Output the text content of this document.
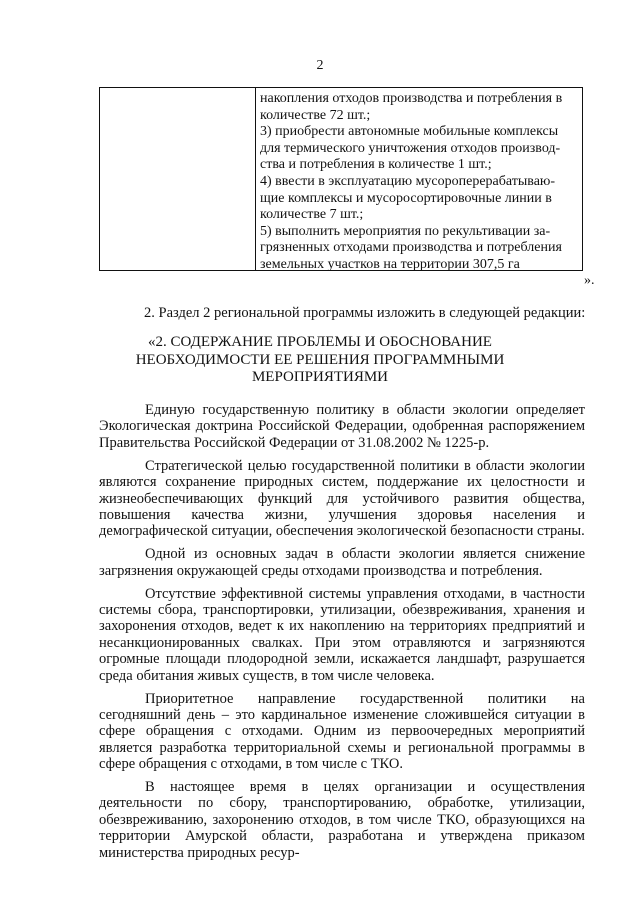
2
накопления отходов производства и потребления в
количестве 72 шт.;
3) приобрести автономные мобильные комплексы
для термического уничтожения отходов производ-
ства и потребления в количестве 1 шт.;
4) ввести в эксплуатацию мусороперерабатываю-
щие комплексы и мусоросортировочные линии в
количестве 7 шт.;
5) выполнить мероприятия по рекультивации за-
грязненных отходами производства и потребления
земельных участков на территории 307,5 га
».
2. Раздел 2 региональной программы изложить в следующей редакции:
«2. СОДЕРЖАНИЕ ПРОБЛЕМЫ И ОБОСНОВАНИЕ
НЕОБХОДИМОСТИ ЕЕ РЕШЕНИЯ ПРОГРАММНЫМИ
МЕРОПРИЯТИЯМИ

Единую государственную политику в области экологии определяет Экологическая доктрина Российской Федерации, одобренная распоряжением Правительства Российской Федерации от 31.08.2002 № 1225-р.

Стратегической целью государственной политики в области экологии являются сохранение природных систем, поддержание их целостности и жизнеобеспечивающих функций для устойчивого развития общества, повышения качества жизни, улучшения здоровья населения и демографической ситуации, обеспечения экологической безопасности страны.

Одной из основных задач в области экологии является снижение загрязнения окружающей среды отходами производства и потребления.

Отсутствие эффективной системы управления отходами, в частности системы сбора, транспортировки, утилизации, обезвреживания, хранения и захоронения отходов, ведет к их накоплению на территориях предприятий и несанкционированных свалках. При этом отравляются и загрязняются огромные площади плодородной земли, искажается ландшафт, разрушается среда обитания живых существ, в том числе человека.

Приоритетное направление государственной политики на сегодняшний день – это кардинальное изменение сложившейся ситуации в сфере обращения с отходами. Одним из первоочередных мероприятий является разработка территориальной схемы и региональной программы в сфере обращения с отходами, в том числе с ТКО.

В настоящее время в целях организации и осуществления деятельности по сбору, транспортированию, обработке, утилизации, обезвреживанию, захоронению отходов, в том числе ТКО, образующихся на территории Амурской области, разработана и утверждена приказом министерства природных ресур-
